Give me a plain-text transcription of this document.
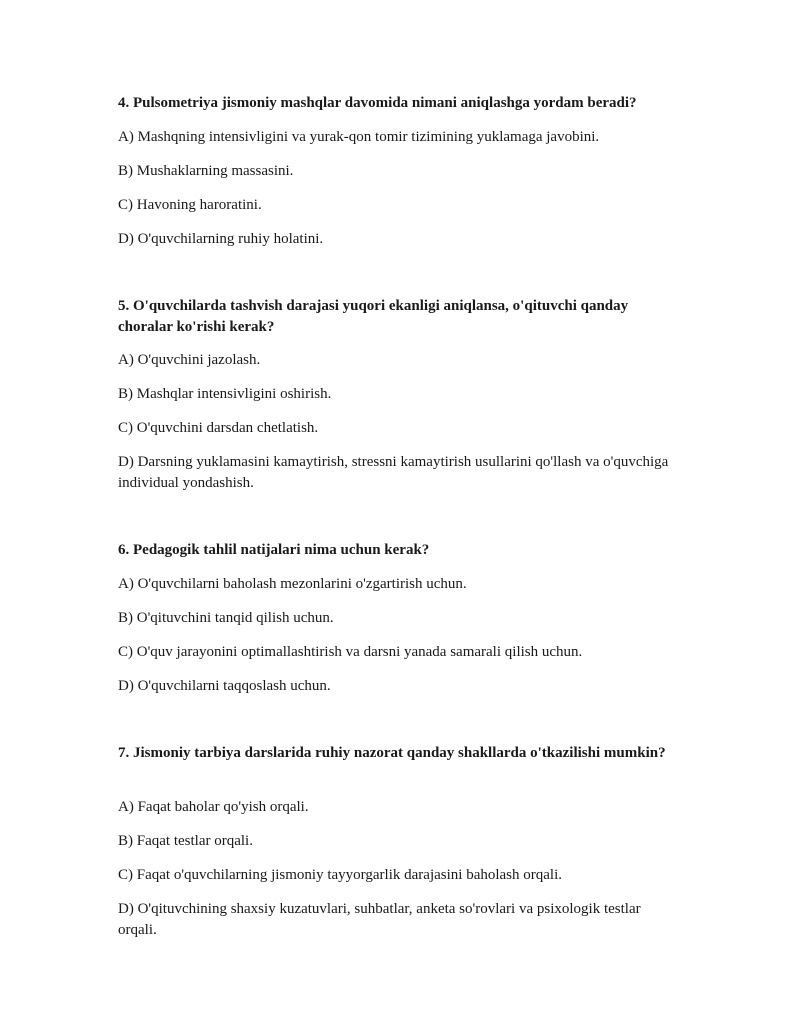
4. Pulsometriya jismoniy mashqlar davomida nimani aniqlashga yordam beradi?

A) Mashqning intensivligini va yurak-qon tomir tizimining yuklamaga javobini.

B) Mushaklarning massasini.

C) Havoning haroratini.

D) O'quvchilarning ruhiy holatini.

5. O'quvchilarda tashvish darajasi yuqori ekanligi aniqlansa, o'qituvchi qanday choralar ko'rishi kerak?

A) O'quvchini jazolash.

B) Mashqlar intensivligini oshirish.

C) O'quvchini darsdan chetlatish.

D) Darsning yuklamasini kamaytirish, stressni kamaytirish usullarini qo'llash va o'quvchiga individual yondashish.

6. Pedagogik tahlil natijalari nima uchun kerak?

A) O'quvchilarni baholash mezonlarini o'zgartirish uchun.

B) O'qituvchini tanqid qilish uchun.

C) O'quv jarayonini optimallashtirish va darsni yanada samarali qilish uchun.

D) O'quvchilarni taqqoslash uchun.

7. Jismoniy tarbiya darslarida ruhiy nazorat qanday shakllarda o'tkazilishi mumkin?

A) Faqat baholar qo'yish orqali.

B) Faqat testlar orqali.

C) Faqat o'quvchilarning jismoniy tayyorgarlik darajasini baholash orqali.

D) O'qituvchining shaxsiy kuzatuvlari, suhbatlar, anketa so'rovlari va psixologik testlar orqali.
